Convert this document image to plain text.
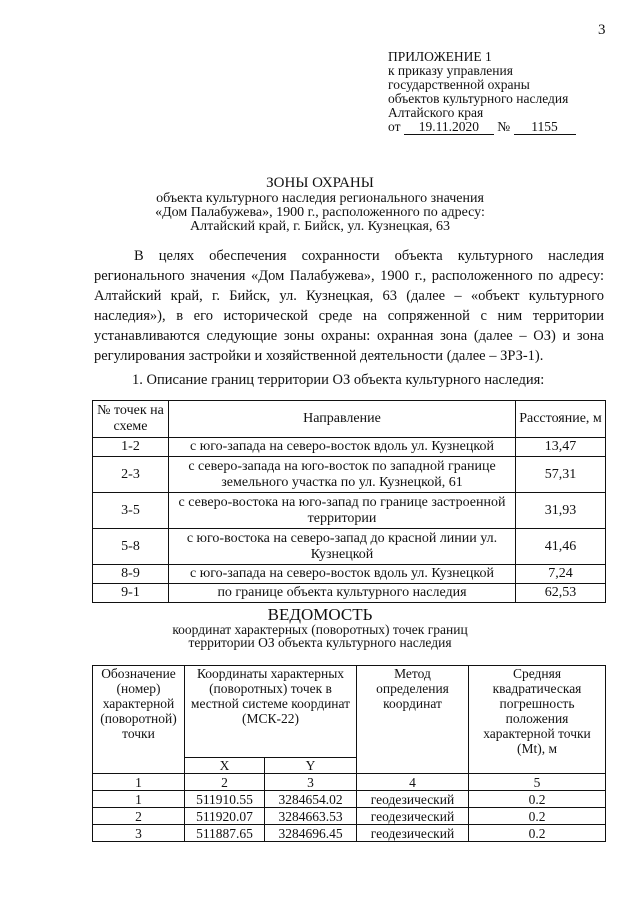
3
ПРИЛОЖЕНИЕ 1
к приказу управления
государственной охраны
объектов культурного наследия
Алтайского края
от 19.11.2020 № 1155
ЗОНЫ ОХРАНЫ
объекта культурного наследия регионального значения
«Дом Палабужева», 1900 г., расположенного по адресу:
Алтайский край, г. Бийск, ул. Кузнецкая, 63
В целях обеспечения сохранности объекта культурного наследия регионального значения «Дом Палабужева», 1900 г., расположенного по адресу: Алтайский край, г. Бийск, ул. Кузнецкая, 63 (далее – «объект культурного наследия»), в его исторической среде на сопряженной с ним территории устанавливаются следующие зоны охраны: охранная зона (далее – ОЗ) и зона регулирования застройки и хозяйственной деятельности (далее – ЗРЗ-1).
1. Описание границ территории ОЗ объекта культурного наследия:
№ точек на схеме	Направление	Расстояние, м
1-2	с юго-запада на северо-восток вдоль ул. Кузнецкой	13,47
2-3	с северо-запада на юго-восток по западной границе земельного участка по ул. Кузнецкой, 61	57,31
3-5	с северо-востока на юго-запад по границе застроенной территории	31,93
5-8	с юго-востока на северо-запад до красной линии ул. Кузнецкой	41,46
8-9	с юго-запада на северо-восток вдоль ул. Кузнецкой	7,24
9-1	по границе объекта культурного наследия	62,53
ВЕДОМОСТЬ
координат характерных (поворотных) точек границ
территории ОЗ объекта культурного наследия
Обозначение (номер) характерной (поворотной) точки	Координаты характерных (поворотных) точек в местной системе координат (МСК-22)		Метод определения координат	Средняя квадратическая погрешность положения характерной точки (Mt), м
	X	Y		
1	2	3	4	5
1	511910.55	3284654.02	геодезический	0.2
2	511920.07	3284663.53	геодезический	0.2
3	511887.65	3284696.45	геодезический	0.2
